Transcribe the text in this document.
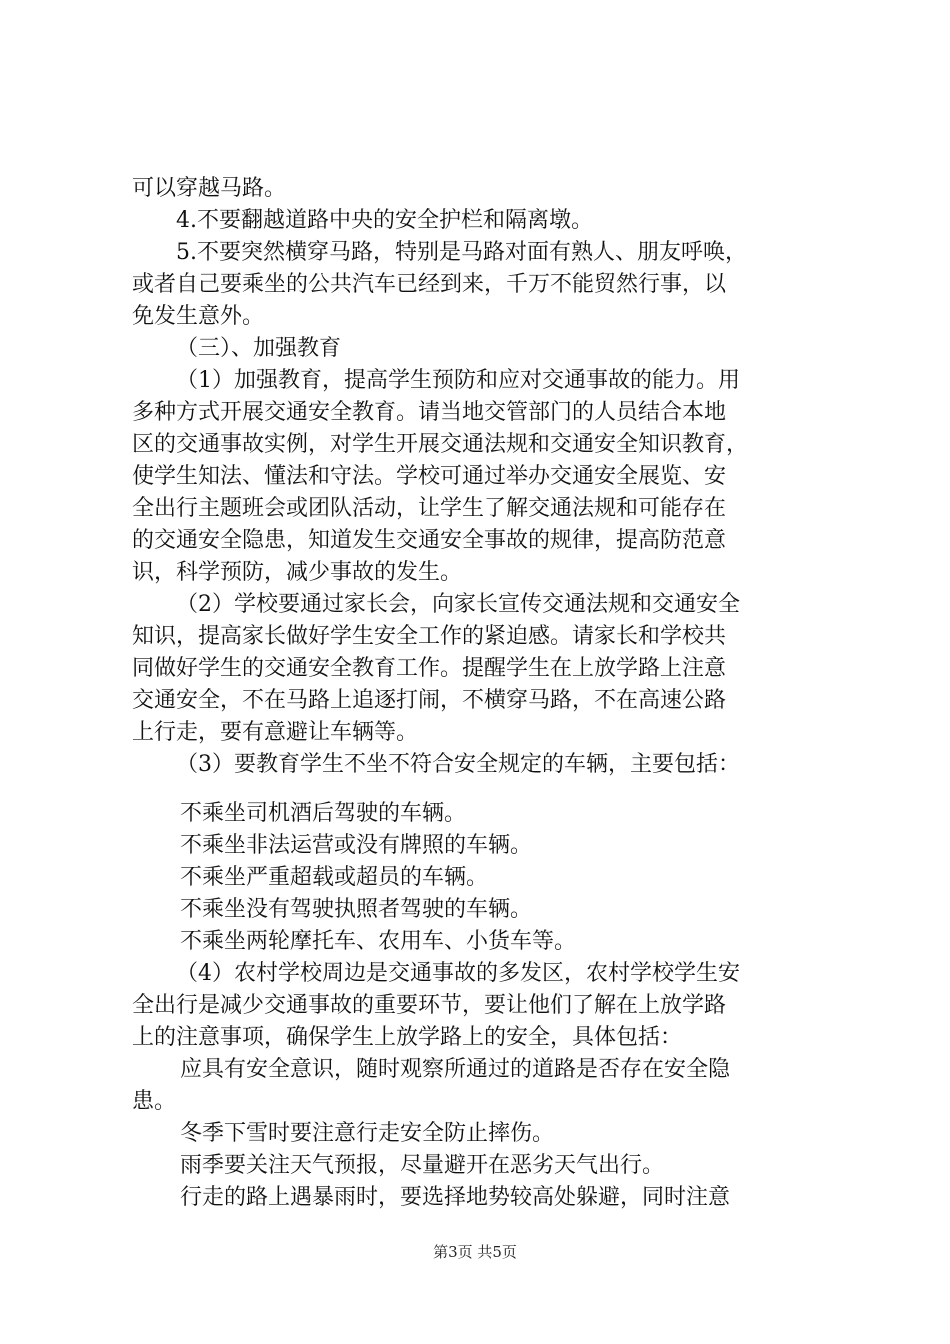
可以穿越马路。
4.不要翻越道路中央的安全护栏和隔离墩。
5.不要突然横穿马路，特别是马路对面有熟人、朋友呼唤，
或者自己要乘坐的公共汽车已经到来，千万不能贸然行事，以
免发生意外。
（三）、加强教育
（1）加强教育，提高学生预防和应对交通事故的能力。用
多种方式开展交通安全教育。请当地交管部门的人员结合本地
区的交通事故实例，对学生开展交通法规和交通安全知识教育，
使学生知法、懂法和守法。学校可通过举办交通安全展览、安
全出行主题班会或团队活动，让学生了解交通法规和可能存在
的交通安全隐患，知道发生交通安全事故的规律，提高防范意
识，科学预防，减少事故的发生。
（2）学校要通过家长会，向家长宣传交通法规和交通安全
知识，提高家长做好学生安全工作的紧迫感。请家长和学校共
同做好学生的交通安全教育工作。提醒学生在上放学路上注意
交通安全，不在马路上追逐打闹，不横穿马路，不在高速公路
上行走，要有意避让车辆等。
（3）要教育学生不坐不符合安全规定的车辆，主要包括：
不乘坐司机酒后驾驶的车辆。
不乘坐非法运营或没有牌照的车辆。
不乘坐严重超载或超员的车辆。
不乘坐没有驾驶执照者驾驶的车辆。
不乘坐两轮摩托车、农用车、小货车等。
（4）农村学校周边是交通事故的多发区，农村学校学生安
全出行是减少交通事故的重要环节，要让他们了解在上放学路
上的注意事项，确保学生上放学路上的安全，具体包括：
应具有安全意识，随时观察所通过的道路是否存在安全隐
患。
冬季下雪时要注意行走安全防止摔伤。
雨季要关注天气预报，尽量避开在恶劣天气出行。
行走的路上遇暴雨时，要选择地势较高处躲避，同时注意
第3页 共5页
